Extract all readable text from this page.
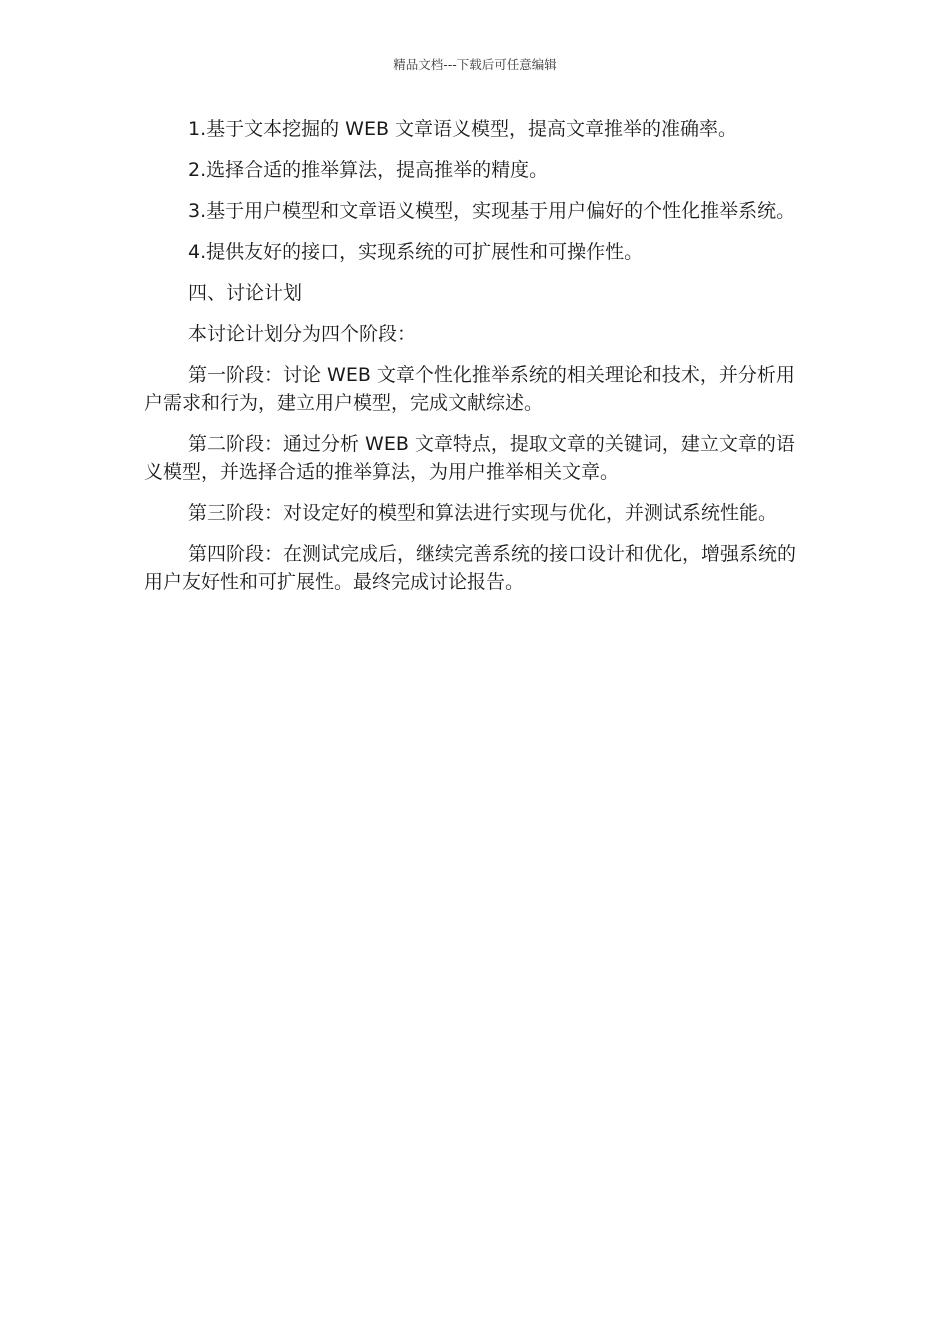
精品文档---下载后可任意编辑

1.基于文本挖掘的 WEB 文章语义模型，提高文章推举的准确率。

2.选择合适的推举算法，提高推举的精度。

3.基于用户模型和文章语义模型，实现基于用户偏好的个性化推举系统。

4.提供友好的接口，实现系统的可扩展性和可操作性。

四、讨论计划

本讨论计划分为四个阶段：

第一阶段：讨论 WEB 文章个性化推举系统的相关理论和技术，并分析用户需求和行为，建立用户模型，完成文献综述。

第二阶段：通过分析 WEB 文章特点，提取文章的关键词，建立文章的语义模型，并选择合适的推举算法，为用户推举相关文章。

第三阶段：对设定好的模型和算法进行实现与优化，并测试系统性能。

第四阶段：在测试完成后，继续完善系统的接口设计和优化，增强系统的用户友好性和可扩展性。最终完成讨论报告。
